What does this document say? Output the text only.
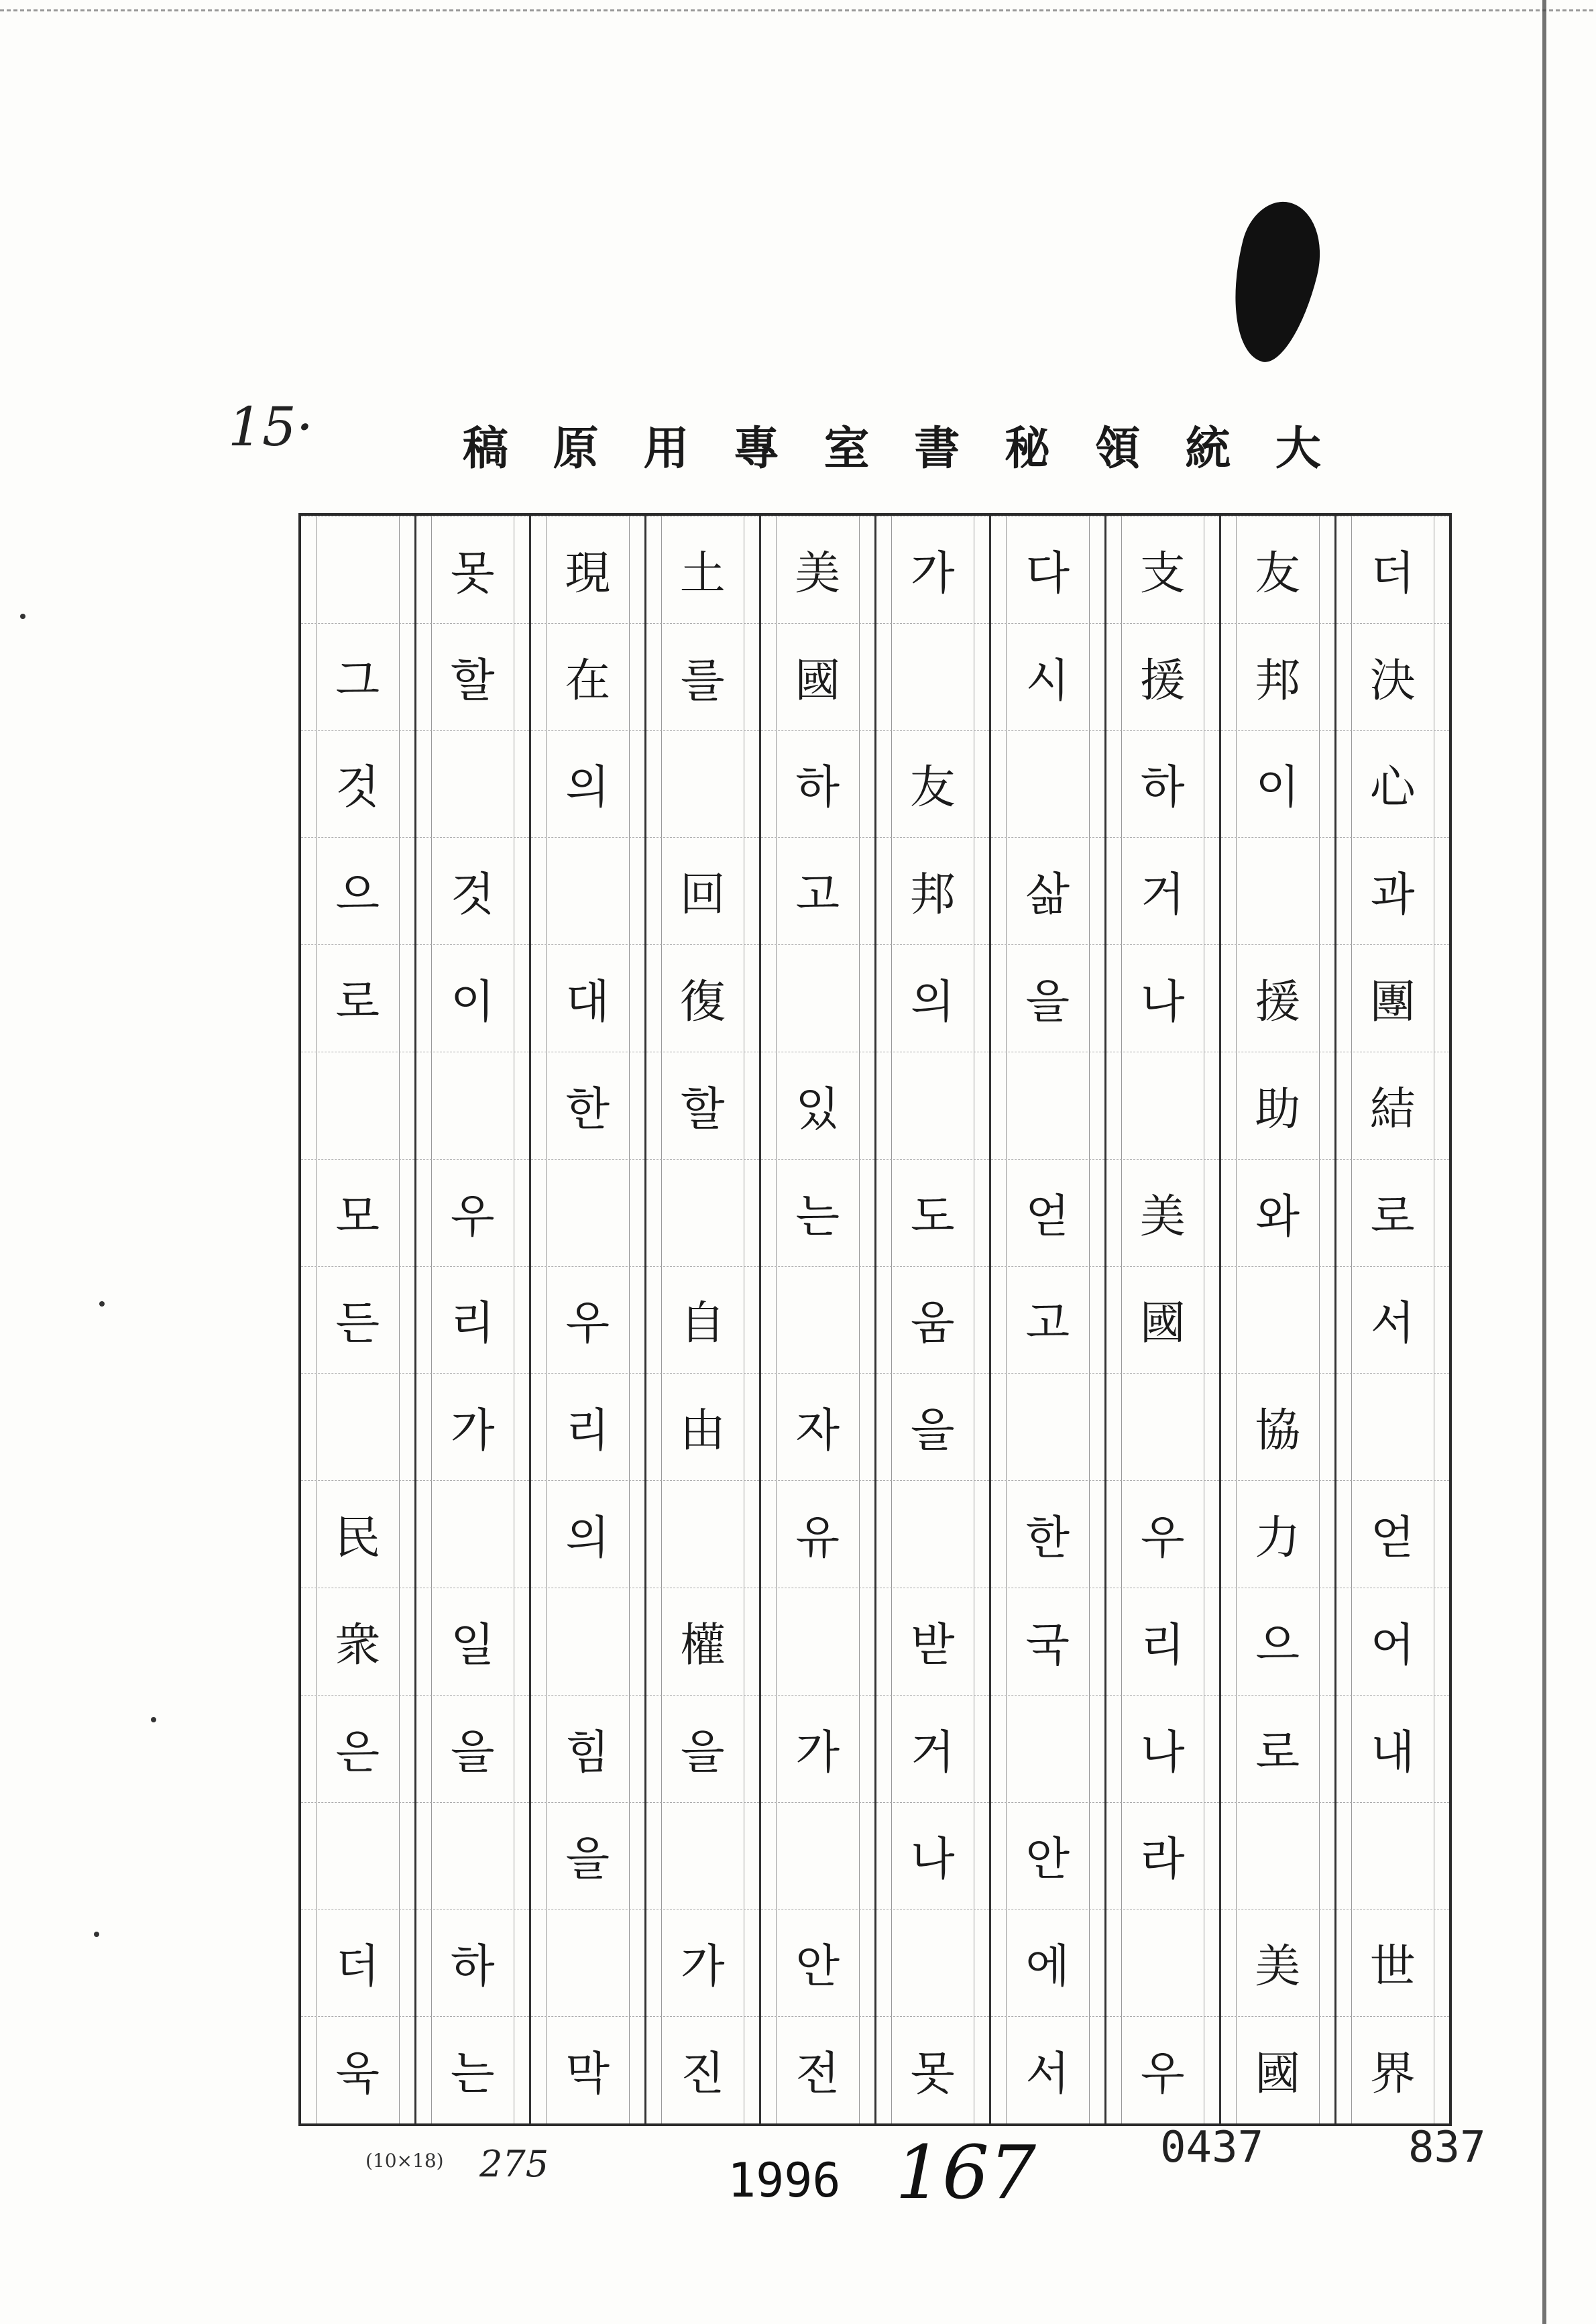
15·	稿 原 用 專 室 書 秘 領 統 大
더
決
心
과
團
結
로
서
얻
어
내
世
界
友
邦
이
援
助
와
協
力
으
로
美
國
支
援
하
거
나
美
國
우
리
나
라
우
다
시
삶
을
얻
고
한
국
안
에
서
가
友
邦
의
도
움
을
받
거
나
못
美
國
하
고
있
는
자
유
가
안
전
土
를
回
復
할
自
由
權
을
가
진
現
在
의
대
한
우
리
의
힘
을
막
못
할
것
이
우
리
가
일
을
하
는
그
것
으
로
모
든
民
衆
은
더
욱
(10×18) 275	1996 167	0437	837
